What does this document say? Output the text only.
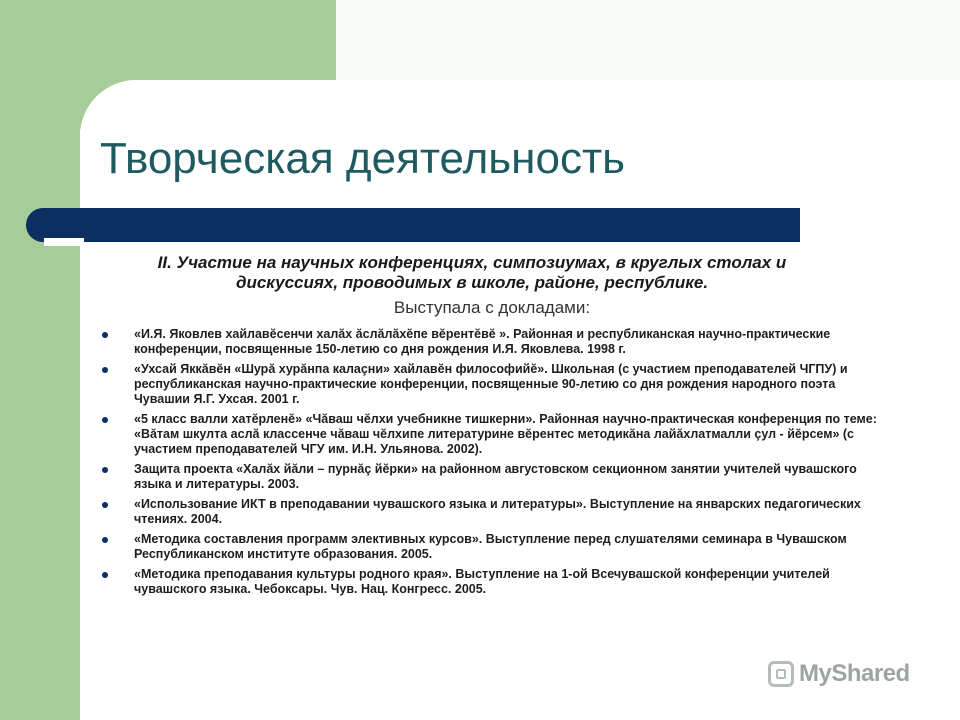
Творческая деятельность

II. Участие на научных конференциях, симпозиумах, в круглых столах и дискуссиях, проводимых в школе, районе, республике.

Выступала с докладами:

«И.Я. Яковлев хайлавĕсенчи халăх ăслăлăхĕпе вĕрентĕвĕ ». Районная и республиканская научно-практические конференции, посвященные 150-летию со дня рождения И.Я. Яковлева. 1998 г.
«Ухсай Яккăвĕн «Шурă хурăнпа калаçни» хайлавĕн философийĕ». Школьная (с участием преподавателей ЧГПУ) и республиканская научно-практические конференции, посвященные 90-летию со дня рождения народного поэта Чувашии Я.Г. Ухсая. 2001 г.
«5 класс валли хатĕрленĕ» «Чăваш чĕлхи учебникне тишкерни». Районная научно-практическая конференция по теме: «Вăтам шкулта аслă классенче чăваш чĕлхипе литературине вĕрентес методикăна лайăхлатмалли çул - йĕрсем» (с участием преподавателей ЧГУ им. И.Н. Ульянова. 2002).
Защита проекта «Халăх йăли – пурнăç йĕрки» на районном августовском секционном занятии учителей чувашского языка и литературы. 2003.
«Использование ИКТ в преподавании чувашского языка и литературы». Выступление на январских педагогических чтениях. 2004.
«Методика составления программ элективных курсов». Выступление перед слушателями семинара в Чувашском Республиканском институте образования. 2005.
«Методика преподавания культуры родного края». Выступление на 1-ой Всечувашской конференции учителей чувашского языка. Чебоксары. Чув. Нац. Конгресс. 2005.
MyShared
